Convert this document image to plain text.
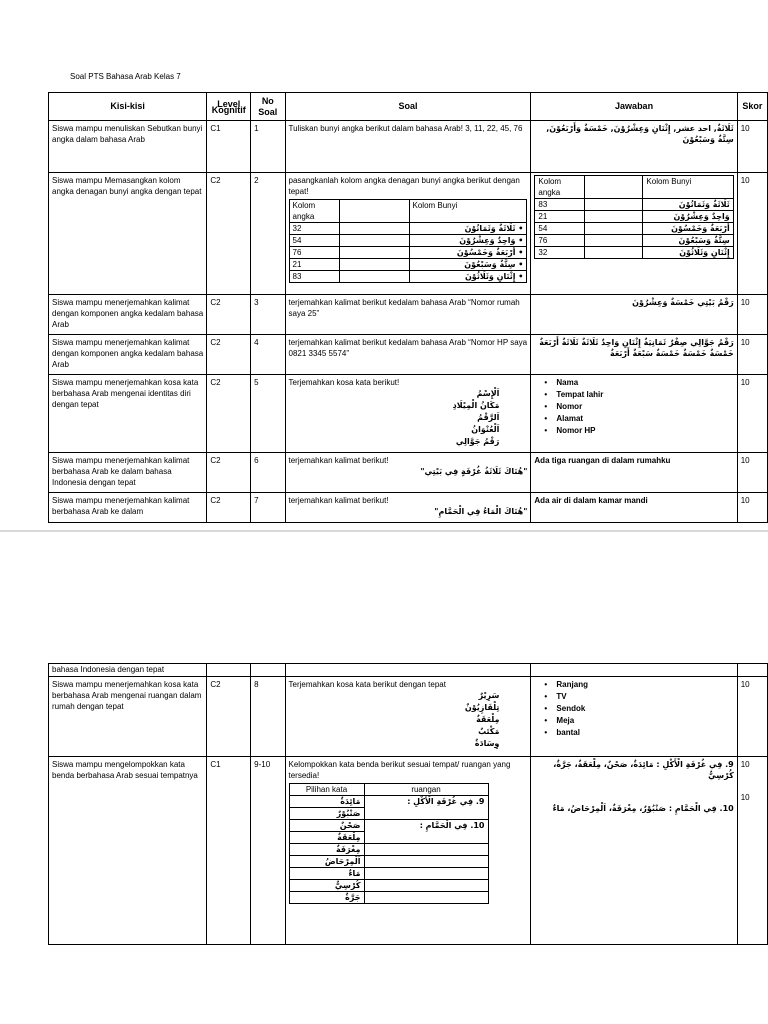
Soal PTS Bahasa Arab Kelas 7
Kisi-kisi	Level Kognitif	No Soal	Soal	Jawaban	Skor
Siswa mampu menuliskan Sebutkan bunyi angka dalam bahasa Arab	C1	1	Tuliskan bunyi angka berikut dalam bahasa Arab! 3, 11, 22, 45, 76	ثَلَاثَةٌ, احد عشر, إِثْنَانِ وَعِشْرُوْنَ, خَمْسَةٌ وَأَرْبَعُوْنَ, سِتَّةٌ وَسَبْعُوْنَ	10
Siswa mampu Memasangkan kolom angka denagan bunyi angka dengan tepat	C2	2	pasangkanlah kolom angka denagan bunyi angka berikut dengan tepat!
Kolom angka		Kolom Bunyi
32		• ثَلَاثَةٌ وَثَمَانُوْنَ
54		• وَاحِدٌ وَعِشْرُوْنَ
76		• أَرْبَعَةٌ وَخَمْسُوْنَ
21		• سِتَّةٌ وَسَبْعُوْنَ
83		• إِثْنَانِ وَثَلَاثُوْنَ

Kolom angka		Kolom Bunyi
83		ثَلَاثَةٌ وَثَمَانُوْنَ
21		وَاحِدٌ وَعِشْرُوْنَ
54		أَرْبَعَةٌ وَخَمْسُوْنَ
76		سِتَّةٌ وَسَبْعُوْنَ
32		إِثْنَانِ وَثَلَاثُوْنَ
	10
Siswa mampu menerjemahkan kalimat dengan komponen angka kedalam bahasa Arab	C2	3	terjemahkan kalimat berikut kedalam bahasa Arab “Nomor rumah saya 25”	رَقْمُ بَيْتِي خَمْسَةٌ وَعِشْرُوْنَ	10
Siswa mampu menerjemahkan kalimat dengan komponen angka kedalam bahasa Arab	C2	4	terjemahkan kalimat berikut kedalam bahasa Arab “Nomor HP saya 0821 3345 5574”	رَقْمُ جَوَّالِي صِفْرٌ ثَمَانِيَةٌ إِثْنَانِ وَاحِدٌ ثَلَاثَةٌ ثَلَاثَةٌ أَرْبَعَةٌ خَمْسَةٌ خَمْسَةٌ خَمْسَةٌ سَبْعَةٌ أَرْبَعَةٌ	10
Siswa mampu menerjemahkan kosa kata berbahasa Arab mengenai identitas diri dengan tepat	C2	5	Terjemahkan kosa kata berikut!
• اَلْإِسْمُ
• مَكَانُ الْمِيْلَادِ
• اَلرَّقْمُ
• اَلْعُنْوَانُ
• رَقْمُ جَوَّالِي

• Nama
• Tempat lahir
• Nomor
• Alamat
• Nomor HP
	10
Siswa mampu menerjemahkan kalimat berbahasa Arab ke dalam bahasa Indonesia dengan tepat	C2	6	terjemahkan kalimat berikut!
"هُنَاكَ ثَلَاثَةُ غُرْفَةٍ فِي بَيْتِي"
	Ada tiga ruangan di dalam rumahku	10
Siswa mampu menerjemahkan kalimat berbahasa Arab ke dalam	C2	7	terjemahkan kalimat berikut!
"هُنَاكَ الْمَاءُ فِي الْحَمَّامِ"
	Ada air di dalam kamar mandi	10
bahasa Indonesia dengan tepat					
Siswa mampu menerjemahkan kosa kata berbahasa Arab mengenai ruangan dalam rumah dengan tepat	C2	8	Terjemahkan kosa kata berikut dengan tepat
• سَرِيْرٌ
• تِلْفَازِيُوْنٌ
• مِلْعَقَةٌ
• مَكْتَبٌ
• وِسَادَةٌ

• Ranjang
• TV
• Sendok
• Meja
• bantal
	10
Siswa mampu mengelompokkan kata benda berbahasa Arab sesuai tempatnya	C1	9-10	Kelompokkan kata benda berikut sesuai tempat/ ruangan yang tersedia!
Pilihan kata	ruangan
مَائِدَةٌ	9. فِي غُرْفَةِ الْأَكْلِ :
صَنْبُوْرٌ
صَحْنٌ	10. فِي الْحَمَّامِ :
مِلْعَقَةٌ
مِغْرَفَةٌ	
اَلْمِرْحَاضُ	
مَاءٌ	
كُرْسِيٌّ	
جَرَّةٌ	

9. فِي غُرْفَةِ الْأَكْلِ : مَائِدَةٌ، صَحْنٌ، مِلْعَقَةٌ، جَرَّةٌ، كُرْسِيٌّ
10. فِي الْحَمَّامِ : صَنْبُوْرٌ، مِغْرَفَةٌ، اَلْمِرْحَاضُ، مَاءٌ

10
10
